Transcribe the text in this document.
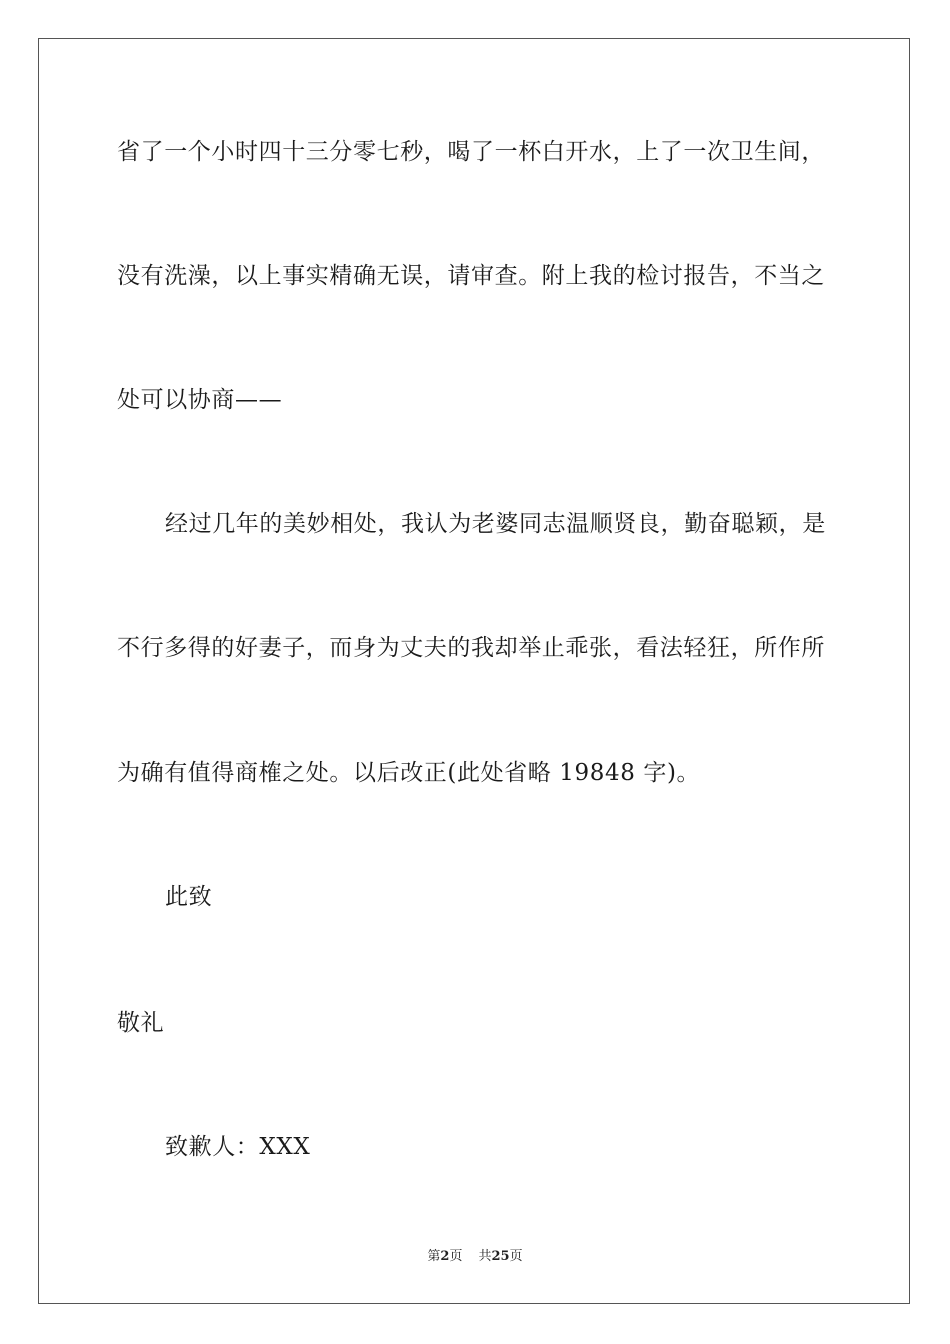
省了一个小时四十三分零七秒，喝了一杯白开水，上了一次卫生间，
没有洗澡，以上事实精确无误，请审查。附上我的检讨报告，不当之
处可以协商——
经过几年的美妙相处，我认为老婆同志温顺贤良，勤奋聪颖，是
不行多得的好妻子，而身为丈夫的我却举止乖张，看法轻狂，所作所
为确有值得商榷之处。以后改正(此处省略 19848 字)。
此致
敬礼
致歉人：XXX
第2页 共25页
